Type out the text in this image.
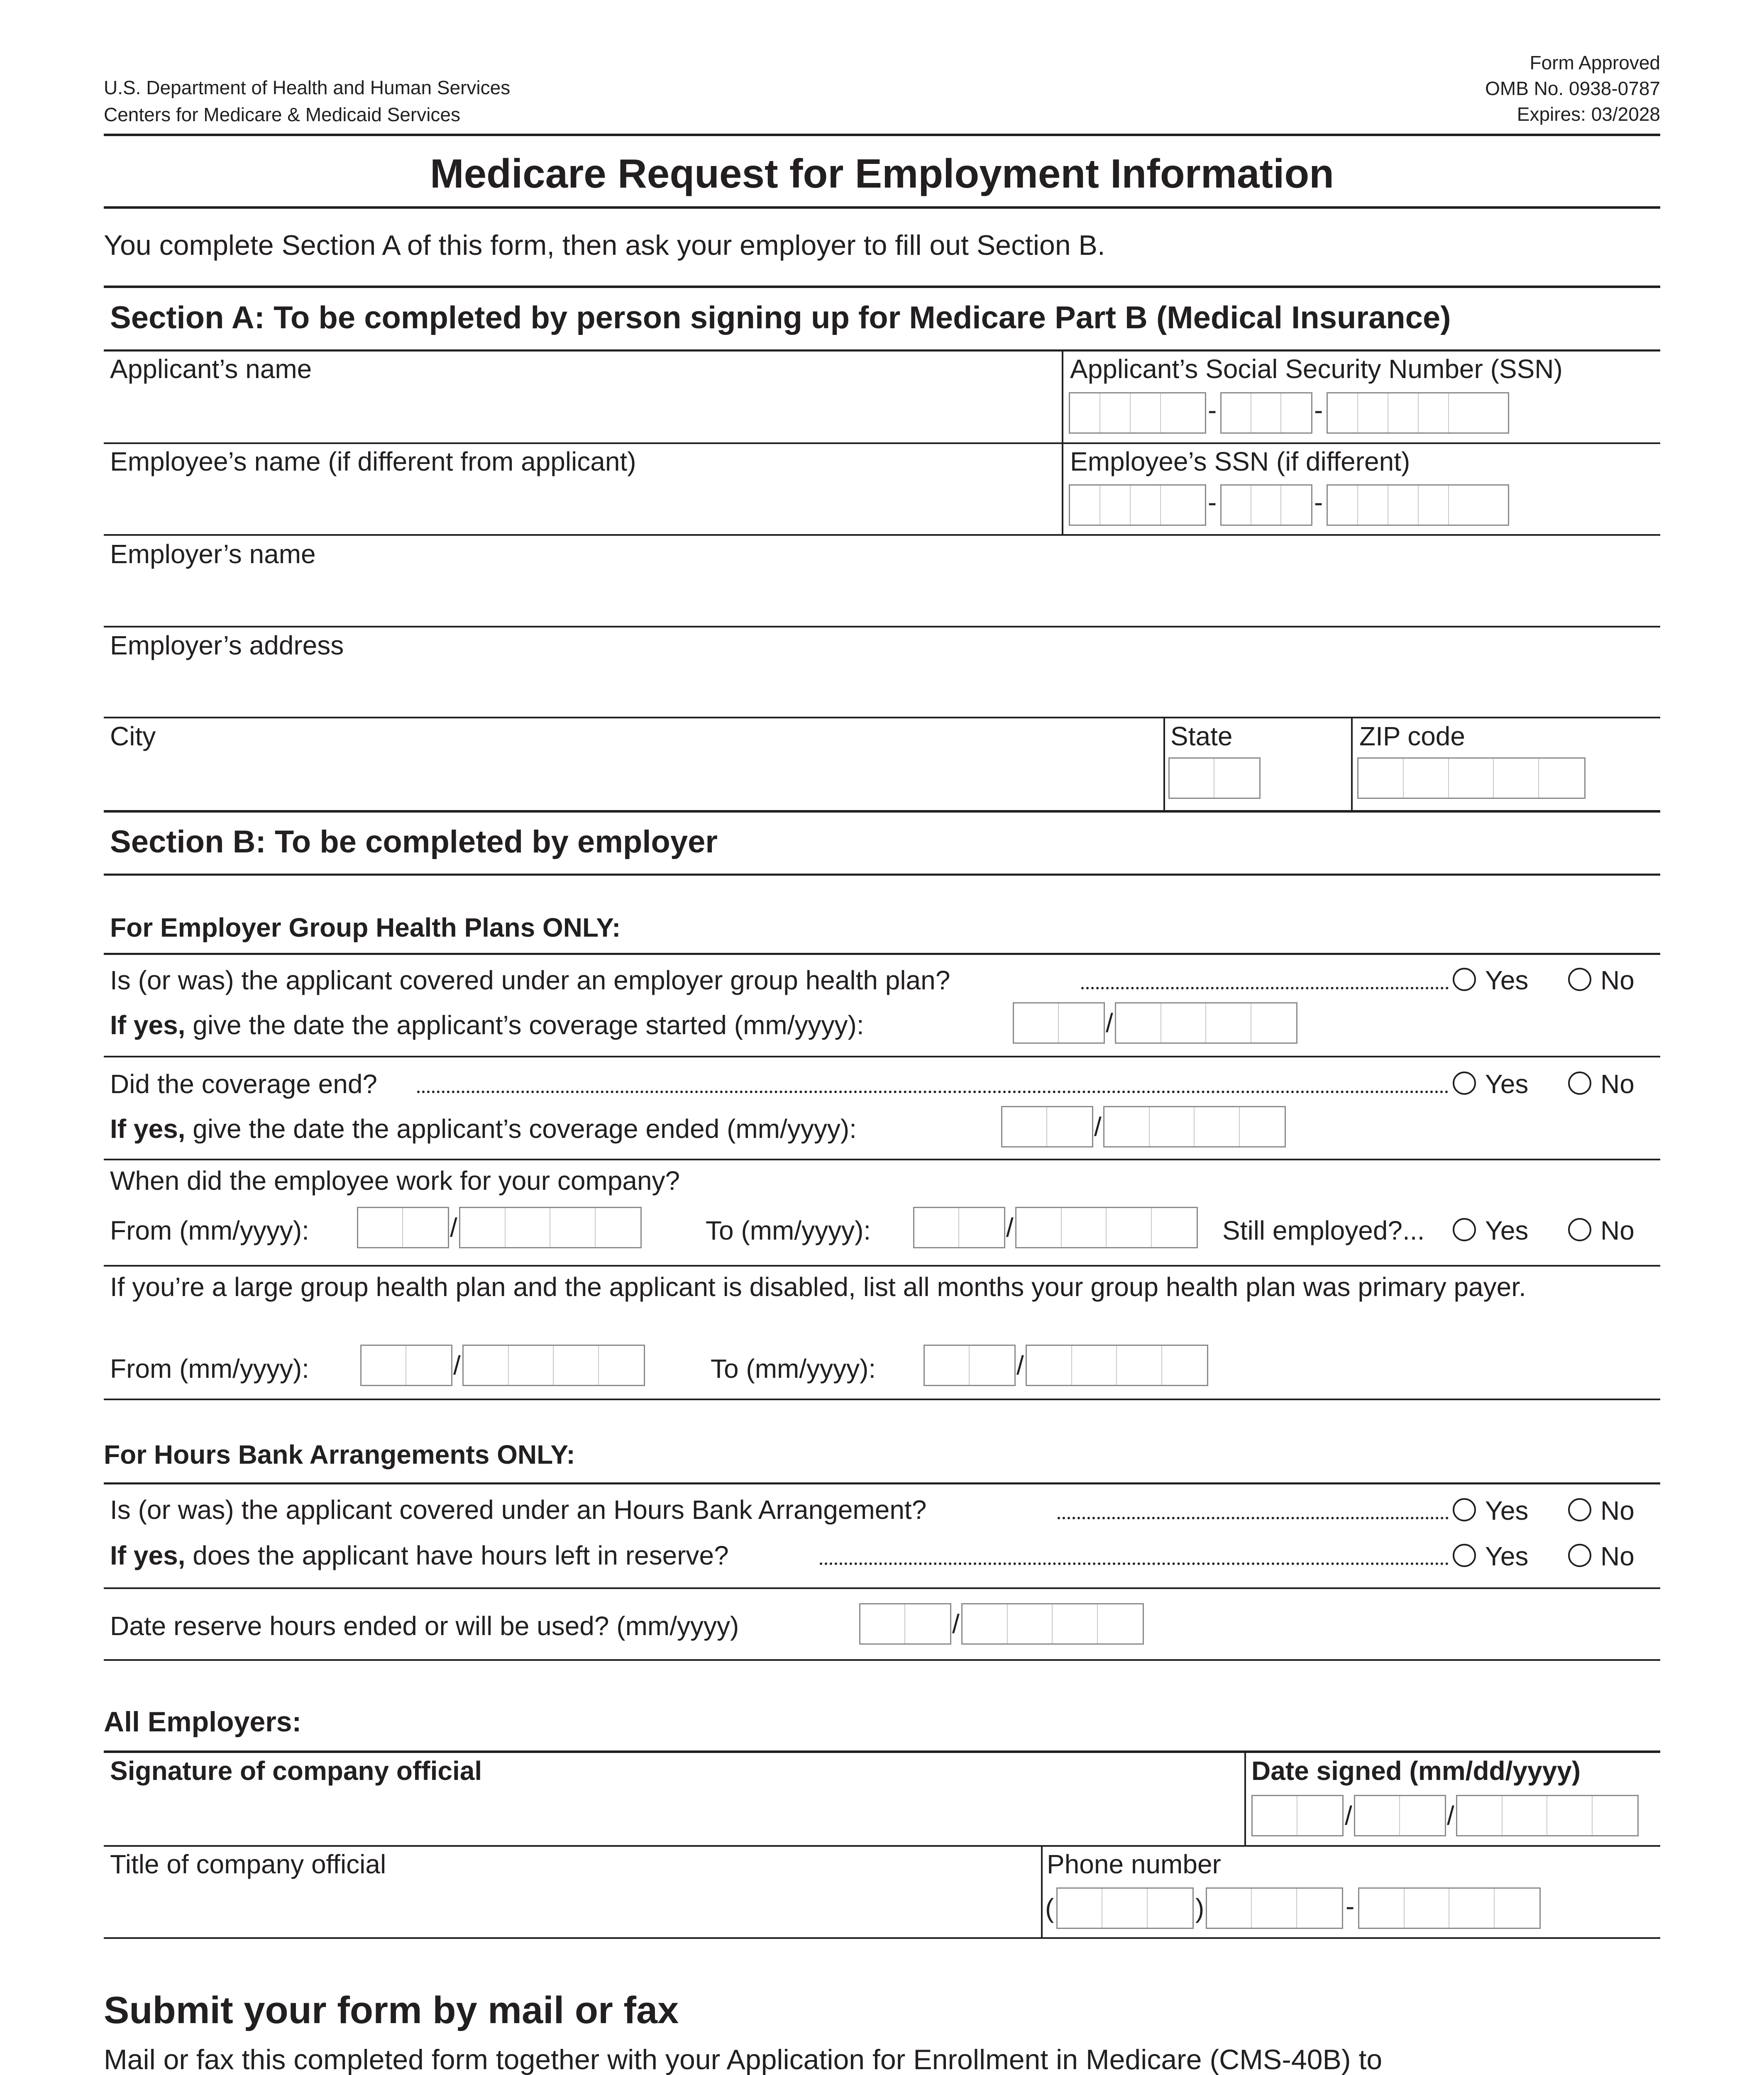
U.S. Department of Health and Human Services
Centers for Medicare & Medicaid Services
Form Approved
OMB No. 0938-0787
Expires: 03/2028
Medicare Request for Employment Information
You complete Section A of this form, then ask your employer to fill out Section B.
Section A: To be completed by person signing up for Medicare Part B (Medical Insurance)
Applicant’s name	Applicant’s Social Security Number (SSN)
-	-
Employee’s name (if different from applicant)	Employee’s SSN (if different)
-	-
Employer’s name
Employer’s address
City	State	ZIP code
Section B: To be completed by employer
For Employer Group Health Plans ONLY:
Is (or was) the applicant covered under an employer group health plan?	Yes	No
If yes, give the date the applicant’s coverage started (mm/yyyy):	/
Did the coverage end?	Yes	No
If yes, give the date the applicant’s coverage ended (mm/yyyy):	/
When did the employee work for your company?
From (mm/yyyy):	/	To (mm/yyyy):	/	Still employed?... Yes	No
If you’re a large group health plan and the applicant is disabled, list all months your group health plan was primary payer.
From (mm/yyyy):	/	To (mm/yyyy):	/
For Hours Bank Arrangements ONLY:
Is (or was) the applicant covered under an Hours Bank Arrangement?	Yes	No
If yes, does the applicant have hours left in reserve?	Yes	No
Date reserve hours ended or will be used? (mm/yyyy)	/
All Employers:
Signature of company official	Date signed (mm/dd/yyyy)
/	/
Title of company official	Phone number
(	)	-
Submit your form by mail or fax
Mail or fax this completed form together with your Application for Enrollment in Medicare (CMS-40B) to
